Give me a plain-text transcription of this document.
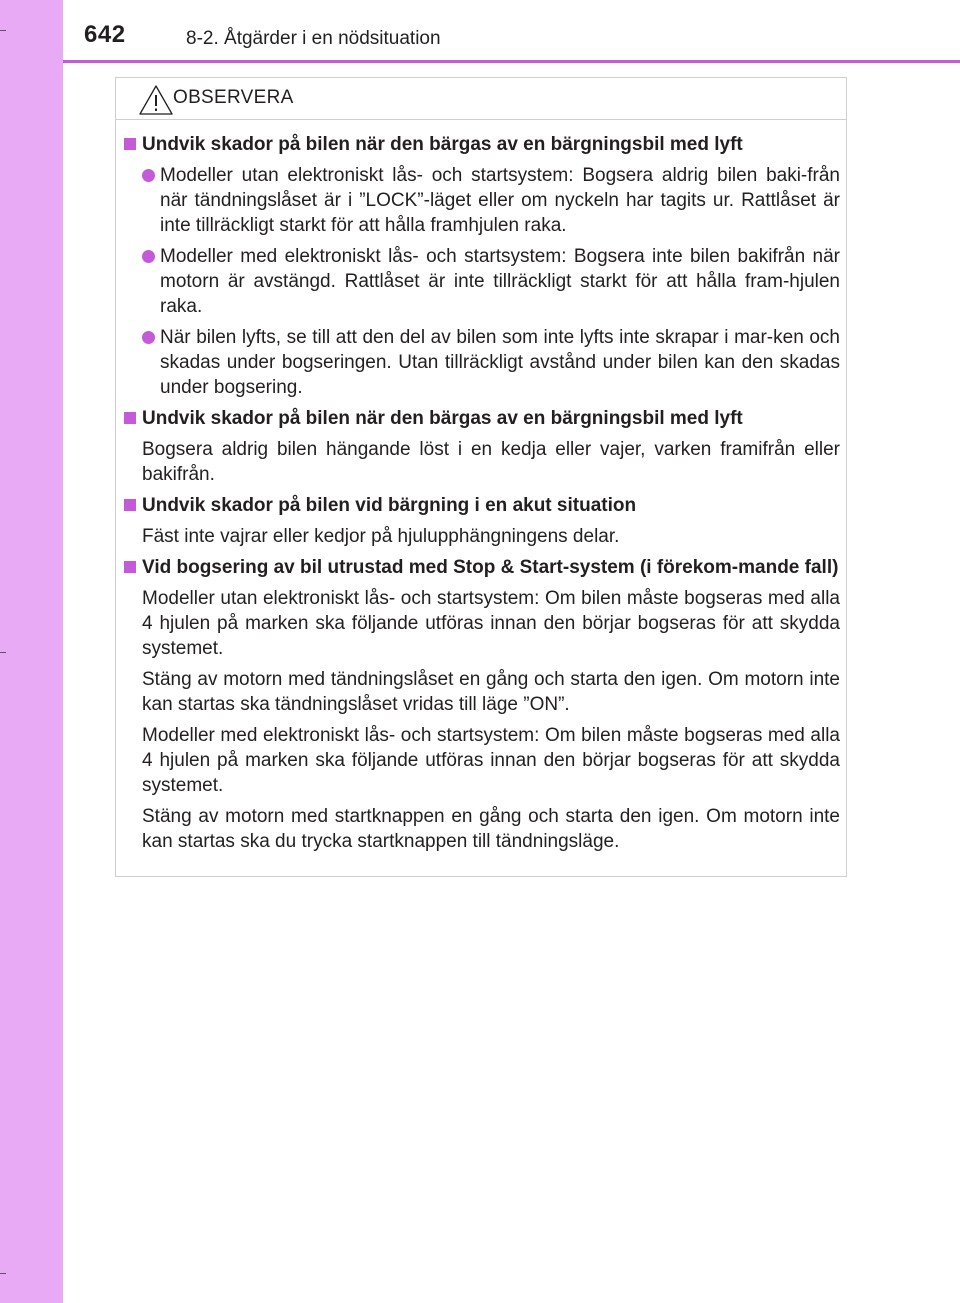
642	8-2. Åtgärder i en nödsituation
OBSERVERA
Undvik skador på bilen när den bärgas av en bärgningsbil med lyft
Modeller utan elektroniskt lås- och startsystem: Bogsera aldrig bilen baki-från när tändningslåset är i ”LOCK”-läget eller om nyckeln har tagits ur. Rattlåset är inte tillräckligt starkt för att hålla framhjulen raka.
Modeller med elektroniskt lås- och startsystem: Bogsera inte bilen bakifrån när motorn är avstängd. Rattlåset är inte tillräckligt starkt för att hålla fram-hjulen raka.
När bilen lyfts, se till att den del av bilen som inte lyfts inte skrapar i mar-ken och skadas under bogseringen. Utan tillräckligt avstånd under bilen kan den skadas under bogsering.
Undvik skador på bilen när den bärgas av en bärgningsbil med lyft
Bogsera aldrig bilen hängande löst i en kedja eller vajer, varken framifrån eller bakifrån.
Undvik skador på bilen vid bärgning i en akut situation
Fäst inte vajrar eller kedjor på hjulupphängningens delar.
Vid bogsering av bil utrustad med Stop & Start-system (i förekom-mande fall)
Modeller utan elektroniskt lås- och startsystem: Om bilen måste bogseras med alla 4 hjulen på marken ska följande utföras innan den börjar bogseras för att skydda systemet.
Stäng av motorn med tändningslåset en gång och starta den igen. Om motorn inte kan startas ska tändningslåset vridas till läge ”ON”.
Modeller med elektroniskt lås- och startsystem: Om bilen måste bogseras med alla 4 hjulen på marken ska följande utföras innan den börjar bogseras för att skydda systemet.
Stäng av motorn med startknappen en gång och starta den igen. Om motorn inte kan startas ska du trycka startknappen till tändningsläge.
